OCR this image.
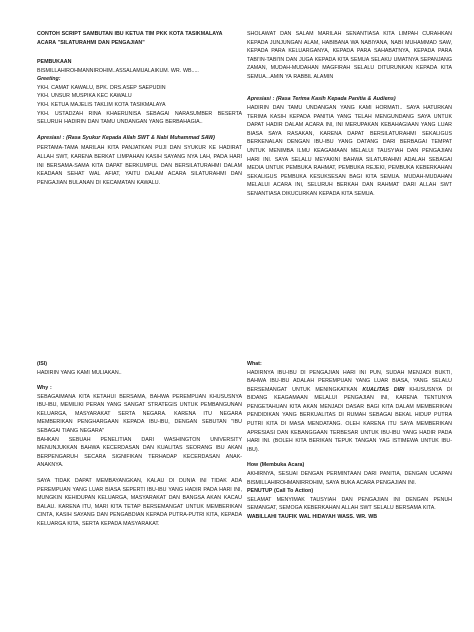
CONTOH SCRIPT SAMBUTAN IBU KETUA TIM PKK KOTA TASIKMALAYA
ACARA "SILATURAHMI DAN PENGAJIAN"
PEMBUKAAN
BISMILLAHIROHMANNIROHIM..ASSALAMUALAIKUM. WR. WB.....
Greeting:
YKH. CAMAT KAWALU, BPK. DRS.ASEP SAEPUDIN
YKH. UNSUR MUSPIKA KEC KAWALU
YKH. KETUA MAJELIS TAKLIM KOTA TASIKMALAYA

YKH. USTADZAH RINA KHAERUNISA SEBAGAI NARASUMBER BESERTA SELURUH HADIRIN DAN TAMU UNDANGAN YANG BERBAHAGIA..

Apresiasi : (Rasa Syukur Kepada Allah SWT & Nabi Muhammad SAW)

PERTAMA-TAMA MARILAH KITA PANJATKAN PUJI DAN SYUKUR KE HADIRAT ALLAH SWT, KARENA BERKAT LIMPAHAN KASIH SAYANG NYA LAH, PADA HARI INI BERSAMA-SAMA KITA DAPAT BERKUMPUL DAN BERSILATURAHMI DALAM KEADAAN SEHAT WAL AFIAT, YAITU DALAM ACARA SILATURAHMI DAN PENGAJIAN BULANAN DI KECAMATAN KAWALU.

SHOLAWAT DAN SALAM MARILAH SENANTIASA KITA LIMPAH CURAHKAN KEPADA JUNJUNGAN ALAM, HABIBANA WA NABIYANA, NABI MUHAMMAD SAW, KEPADA PARA KELUARGANYA, KEPADA PARA SAHABATNYA, KEPADA PARA TABI'IN-TABI'IN DAN JUGA KEPADA KITA SEMUA SELAKU UMATNYA SEPANJANG ZAMAN, MUDAH-MUDAHAN MAGFIRAH SELALU DITURUNKAN KEPADA KITA SEMUA...AMIN YA RABBIL ALAMIN

Apresiasi : (Rasa Terima Kasih Kepada Panitia & Audiens)

HADIRIN DAN TAMU UNDANGAN YANG KAMI HORMATI.. SAYA HATURKAN TERIMA KASIH KEPADA PANITIA YANG TELAH MENGUNDANG SAYA UNTUK DAPAT HADIR DALAM ACARA INI, INI MERUPAKAN KEBAHAGIAAN YANG LUAR BIASA SAYA RASAKAN, KARENA DAPAT BERSILATURAHMI SEKALIGUS BERKENALAN DENGAN IBU-IBU YANG DATANG DARI BERBAGAI TEMPAT UNTUK MENIMBA ILMU KEAGAMAAN MELALUI TAUSYIAH DAN PENGAJIAN HARI INI. SAYA SELALU MEYAKINI BAHWA SILATURAHMI ADALAH SEBAGAI MEDIA UNTUK PEMBUKA RAHMAT, PEMBUKA REJEKI, PEMBUKA KEBERKAHAN SEKALIGUS PEMBUKA KESUKSESAN BAGI KITA SEMUA. MUDAH-MUDAHAN MELALUI ACARA INI, SELURUH BERKAH DAN RAHMAT DARI ALLAH SWT SENANTIASA DIKUCURKAN KEPADA KITA SEMUA.

(ISI)

HADIRIN YANG KAMI MULIAKAN..

Why :
SEBAGAIMANA KITA KETAHUI BERSAMA, BAHWA PEREMPUAN KHUSUSNYA IBU-IBU, MEMILIKI PERAN YANG SANGAT STRATEGIS UNTUK PEMBANGUNAN KELUARGA, MASYARAKAT SERTA NEGARA. KARENA ITU NEGARA MEMBERIKAN PENGHARGAAN KEPADA IBU-IBU, DENGAN SEBUTAN "IBU SEBAGAI TIANG NEGARA"

BAHKAN SEBUAH PENELITIAN DARI WASHINGTON UNIVERSITY MENUNJUKKAN BAHWA KECERDASAN DAN KUALITAS SEORANG IBU AKAN BERPENGARUH SECARA SIGNIFIKAN TERHADAP KECERDASAN ANAK-ANAKNYA.

SAYA TIDAK DAPAT MEMBAYANGKAN, KALAU DI DUNIA INI TIDAK ADA PEREMPUAN YANG LUAR BIASA SEPERTI IBU-IBU YANG HADIR PADA HARI INI, MUNGKIN KEHIDUPAN KELUARGA, MASYARAKAT DAN BANGSA AKAN KACAU BALAU. KARENA ITU, MARI KITA TETAP BERSEMANGAT UNTUK MEMBERIKAN CINTA, KASIH SAYANG DAN PENGABDIAN KEPADA PUTRA-PUTRI KITA, KEPADA KELUARGA KITA, SERTA KEPADA MASYARAKAT.

What:

HADIRNYA IBU-IBU DI PENGAJIAN HARI INI PUN, SUDAH MENJADI BUKTI, BAHWA IBU-IBU ADALAH PEREMPUAN YANG LUAR BIASA, YANG SELALU BERSEMANGAT UNTUK MENINGKATKAN KUALITAS DIRI KHUSUSNYA DI BIDANG KEAGAMAAN MELALUI PENGAJIAN INI, KARENA TENTUNYA PENGETAHUAN KITA AKAN MENJADI DASAR BAGI KITA DALAM MEMBERIKAN PENDIDIKAN YANG BERKUALITAS DI RUMAH SEBAGAI BEKAL HIDUP PUTRA PUTRI KITA DI MASA MENDATANG. OLEH KARENA ITU SAYA MEMBERIKAN APRESIASI DAN KEBANGGAAN TERBESAR UNTUK IBU-IBU YANG HADIR PADA HARI INI. (BOLEH KITA BERIKAN TEPUK TANGAN YAG ISTIMEWA UNTUK IBU-IBU).

How (Membuka Acara)
AKHIRNYA, SESUAI DENGAN PERMINTAAN DARI PANITIA, DENGAN UCAPAN BISMILLAHIROHMANIRROHIM, SAYA BUKA ACARA PENGAJIAN INI.
PENUTUP (Call To Action)
SELAMAT MENYIMAK TAUSYIAH DAN PENGAJIAN INI DENGAN PENUH SEMANGAT, SEMOGA KEBERKAHAN ALLAH SWT SELALU BERSAMA KITA.
WABILLAHI TAUFIK WAL HIDAYAH WASS. WR. WB
